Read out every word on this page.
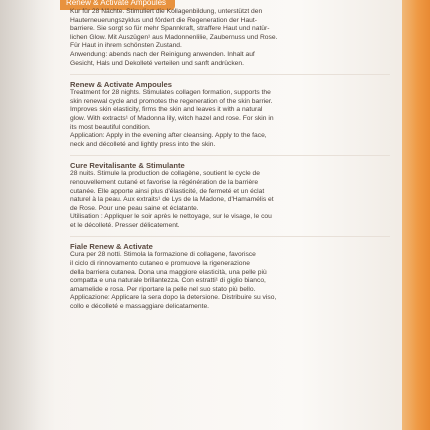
Renew & Activate Ampoules
Kur für 28 Nächte. Stimuliert die Kollagenbildung, unterstützt den
Hauterneuerungszyklus und fördert die Regeneration der Haut-
barriere. Sie sorgt so für mehr Spannkraft, straffere Haut und natür-
lichen Glow. Mit Auszügen¹ aus Madonnenlilie, Zaubernuss und Rose.
Für Haut in ihrem schönsten Zustand.
Anwendung: abends nach der Reinigung anwenden. Inhalt auf
Gesicht, Hals und Dekolleté verteilen und sanft andrücken.
Renew & Activate Ampoules
Treatment for 28 nights. Stimulates collagen formation, supports the
skin renewal cycle and promotes the regeneration of the skin barrier.
Improves skin elasticity, firms the skin and leaves it with a natural
glow. With extracts¹ of Madonna lily, witch hazel and rose. For skin in
its most beautiful condition.
Application: Apply in the evening after cleansing. Apply to the face,
neck and décolleté and lightly press into the skin.
Cure Revitalisante & Stimulante
28 nuits. Stimule la production de collagène, soutient le cycle de
renouvellement cutané et favorise la régénération de la barrière
cutanée. Elle apporte ainsi plus d'élasticité, de fermeté et un éclat
naturel à la peau. Aux extraits¹ de Lys de la Madone, d'Hamamélis et
de Rose. Pour une peau saine et éclatante.
Utilisation : Appliquer le soir après le nettoyage, sur le visage, le cou
et le décolleté. Presser délicatement.
Fiale Renew & Activate
Cura per 28 notti. Stimola la formazione di collagene, favorisce
il ciclo di rinnovamento cutaneo e promuove la rigenerazione
della barriera cutanea. Dona una maggiore elasticità, una pelle più
compatta e una naturale brillantezza. Con estratti¹ di giglio bianco,
amamelide e rosa. Per riportare la pelle nel suo stato più bello.
Applicazione: Applicare la sera dopo la detersione. Distribuire su viso,
collo e décolleté e massaggiare delicatamente.
